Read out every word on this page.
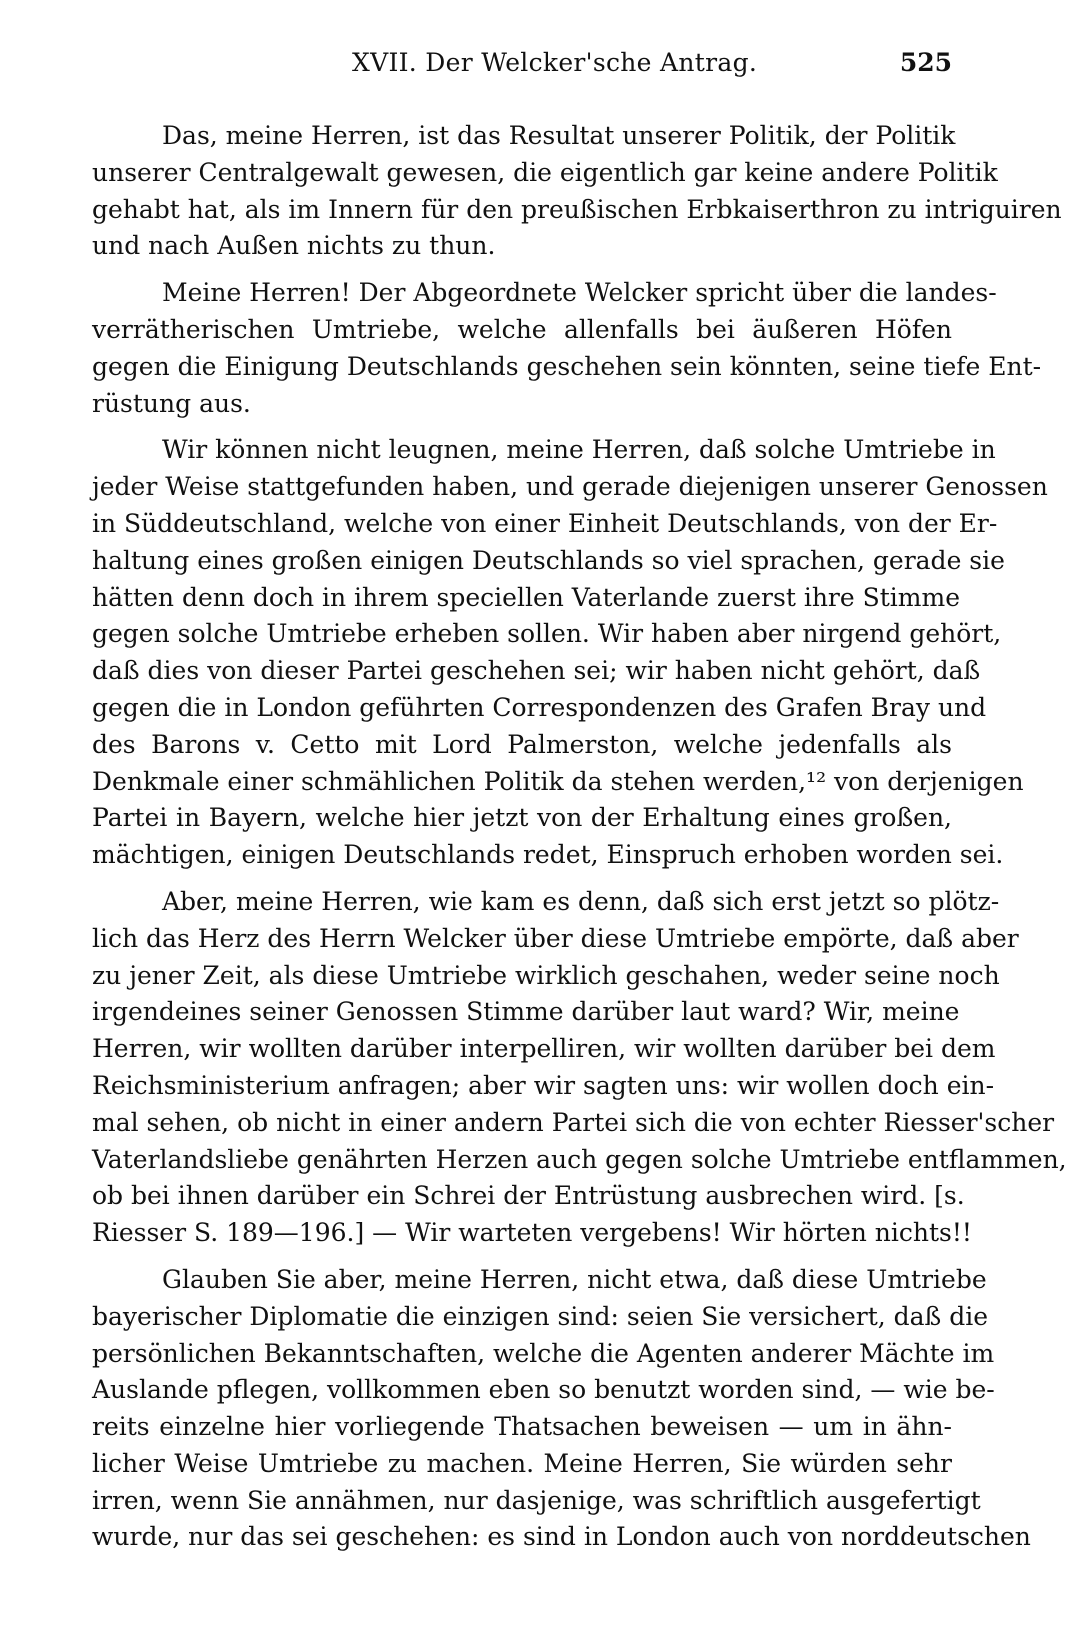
XVII. Der Welcker'sche Antrag.	525
Das, meine Herren, ist das Resultat unserer Politik, der Politik
unserer Centralgewalt gewesen, die eigentlich gar keine andere Politik
gehabt hat, als im Innern für den preußischen Erbkaiserthron zu intriguiren
und nach Außen nichts zu thun.
Meine Herren! Der Abgeordnete Welcker spricht über die landes-
verrätherischen Umtriebe, welche allenfalls bei äußeren Höfen
gegen die Einigung Deutschlands geschehen sein könnten, seine tiefe Ent-
rüstung aus.
Wir können nicht leugnen, meine Herren, daß solche Umtriebe in
jeder Weise stattgefunden haben, und gerade diejenigen unserer Genossen
in Süddeutschland, welche von einer Einheit Deutschlands, von der Er-
haltung eines großen einigen Deutschlands so viel sprachen, gerade sie
hätten denn doch in ihrem speciellen Vaterlande zuerst ihre Stimme
gegen solche Umtriebe erheben sollen. Wir haben aber nirgend gehört,
daß dies von dieser Partei geschehen sei; wir haben nicht gehört, daß
gegen die in London geführten Correspondenzen des Grafen Bray und
des Barons v. Cetto mit Lord Palmerston, welche jedenfalls als
Denkmale einer schmählichen Politik da stehen werden,¹² von derjenigen
Partei in Bayern, welche hier jetzt von der Erhaltung eines großen,
mächtigen, einigen Deutschlands redet, Einspruch erhoben worden sei.
Aber, meine Herren, wie kam es denn, daß sich erst jetzt so plötz-
lich das Herz des Herrn Welcker über diese Umtriebe empörte, daß aber
zu jener Zeit, als diese Umtriebe wirklich geschahen, weder seine noch
irgendeines seiner Genossen Stimme darüber laut ward? Wir, meine
Herren, wir wollten darüber interpelliren, wir wollten darüber bei dem
Reichsministerium anfragen; aber wir sagten uns: wir wollen doch ein-
mal sehen, ob nicht in einer andern Partei sich die von echter Riesser'scher
Vaterlandsliebe genährten Herzen auch gegen solche Umtriebe entflammen,
ob bei ihnen darüber ein Schrei der Entrüstung ausbrechen wird. [s.
Riesser S. 189—196.] — Wir warteten vergebens! Wir hörten nichts!!
Glauben Sie aber, meine Herren, nicht etwa, daß diese Umtriebe
bayerischer Diplomatie die einzigen sind: seien Sie versichert, daß die
persönlichen Bekanntschaften, welche die Agenten anderer Mächte im
Auslande pflegen, vollkommen eben so benutzt worden sind, — wie be-
reits einzelne hier vorliegende Thatsachen beweisen — um in ähn-
licher Weise Umtriebe zu machen. Meine Herren, Sie würden sehr
irren, wenn Sie annähmen, nur dasjenige, was schriftlich ausgefertigt
wurde, nur das sei geschehen: es sind in London auch von norddeutschen
